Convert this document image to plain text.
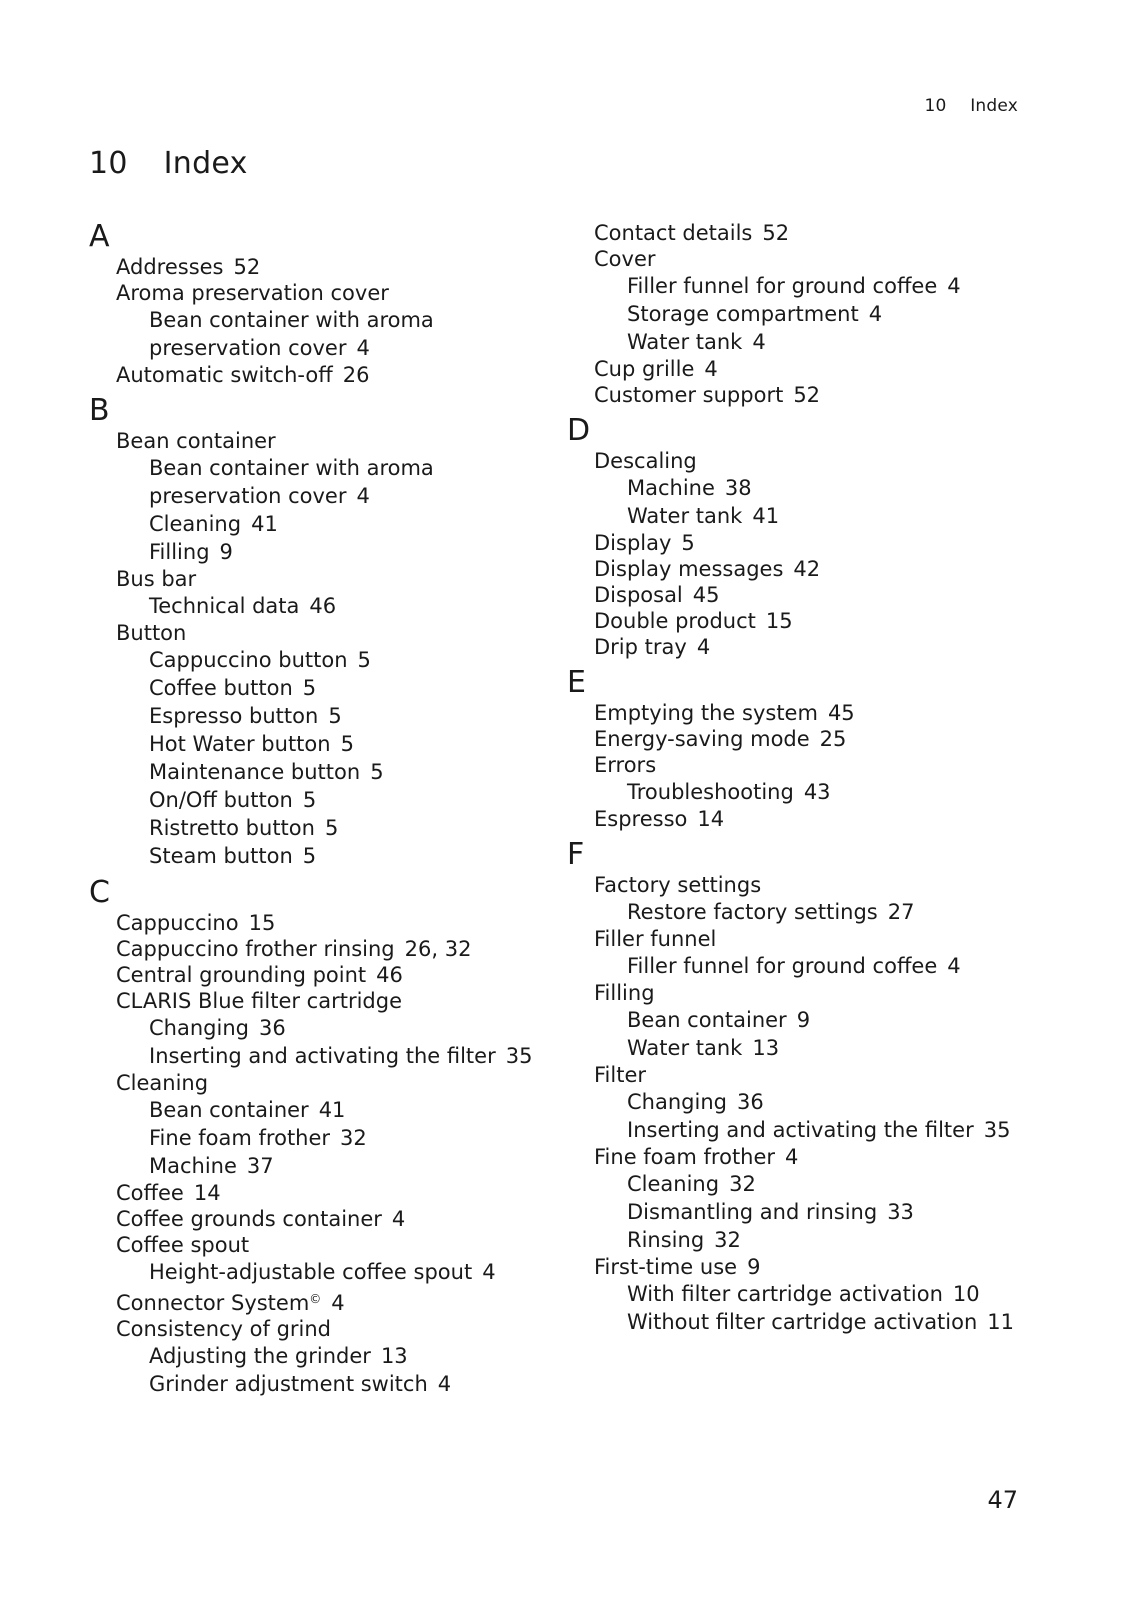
10 Index
10 Index
A
Addresses 52
Aroma preservation cover
Bean container with aroma preservation cover 4
Automatic switch-off 26
B
Bean container
Bean container with aroma preservation cover 4
Cleaning 41
Filling 9
Bus bar
Technical data 46
Button
Cappuccino button 5
Coffee button 5
Espresso button 5
Hot Water button 5
Maintenance button 5
On/Off button 5
Ristretto button 5
Steam button 5
C
Cappuccino 15
Cappuccino frother rinsing 26, 32
Central grounding point 46
CLARIS Blue filter cartridge
Changing 36
Inserting and activating the filter 35
Cleaning
Bean container 41
Fine foam frother 32
Machine 37
Coffee 14
Coffee grounds container 4
Coffee spout
Height-adjustable coffee spout 4
Connector System© 4
Consistency of grind
Adjusting the grinder 13
Grinder adjustment switch 4
Contact details 52
Cover
Filler funnel for ground coffee 4
Storage compartment 4
Water tank 4
Cup grille 4
Customer support 52
D
Descaling
Machine 38
Water tank 41
Display 5
Display messages 42
Disposal 45
Double product 15
Drip tray 4
E
Emptying the system 45
Energy-saving mode 25
Errors
Troubleshooting 43
Espresso 14
F
Factory settings
Restore factory settings 27
Filler funnel
Filler funnel for ground coffee 4
Filling
Bean container 9
Water tank 13
Filter
Changing 36
Inserting and activating the filter 35
Fine foam frother 4
Cleaning 32
Dismantling and rinsing 33
Rinsing 32
First-time use 9
With filter cartridge activation 10
Without filter cartridge activation 11
47
